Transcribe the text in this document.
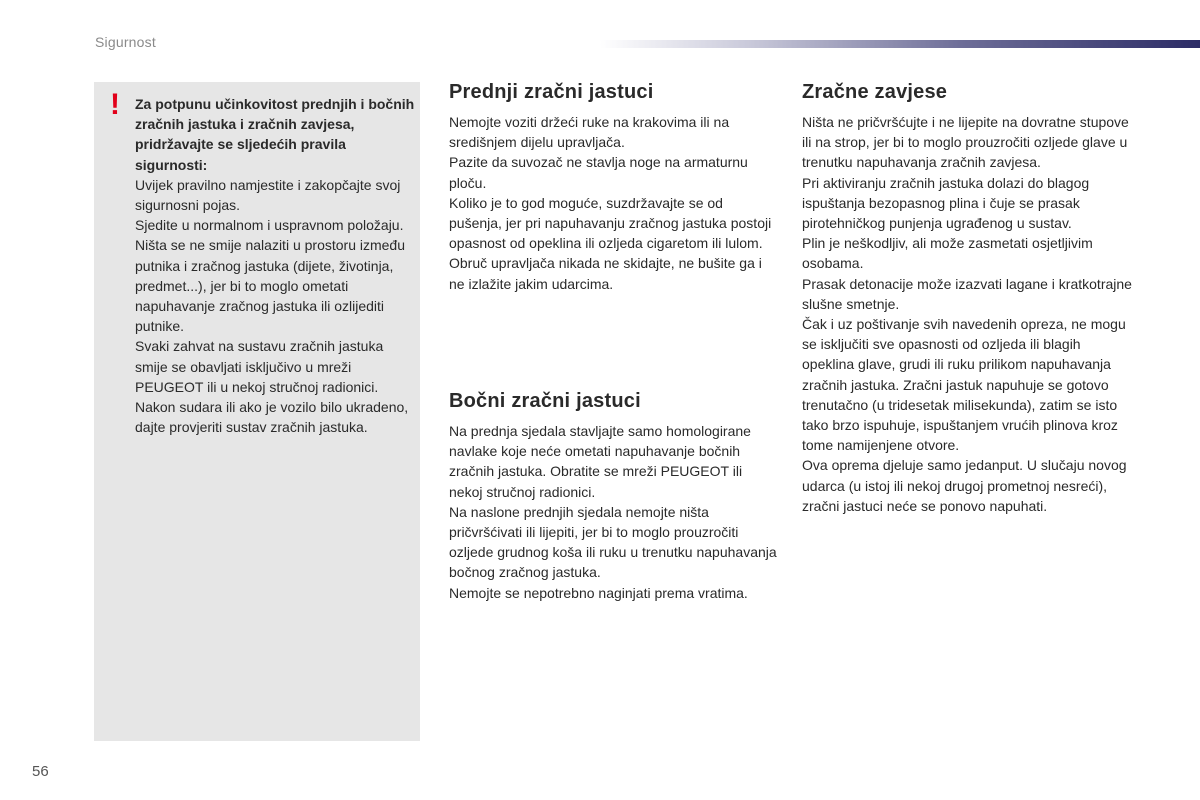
Sigurnost
! Za potpunu učinkovitost prednjih i bočnih zračnih jastuka i zračnih zavjesa, pridržavajte se sljedećih pravila sigurnosti:

Uvijek pravilno namjestite i zakopčajte svoj sigurnosni pojas.

Sjedite u normalnom i uspravnom položaju.

Ništa se ne smije nalaziti u prostoru između putnika i zračnog jastuka (dijete, životinja, predmet...), jer bi to moglo ometati napuhavanje zračnog jastuka ili ozlijediti putnike.

Svaki zahvat na sustavu zračnih jastuka smije se obavljati isključivo u mreži PEUGEOT ili u nekoj stručnoj radionici.

Nakon sudara ili ako je vozilo bilo ukradeno, dajte provjeriti sustav zračnih jastuka.

Prednji zračni jastuci

Nemojte voziti držeći ruke na krakovima ili na središnjem dijelu upravljača.

Pazite da suvozač ne stavlja noge na armaturnu ploču.

Koliko je to god moguće, suzdržavajte se od pušenja, jer pri napuhavanju zračnog jastuka postoji opasnost od opeklina ili ozljeda cigaretom ili lulom.

Obruč upravljača nikada ne skidajte, ne bušite ga i ne izlažite jakim udarcima.

Bočni zračni jastuci

Na prednja sjedala stavljajte samo homologirane navlake koje neće ometati napuhavanje bočnih zračnih jastuka. Obratite se mreži PEUGEOT ili nekoj stručnoj radionici.

Na naslone prednjih sjedala nemojte ništa pričvršćivati ili lijepiti, jer bi to moglo prouzročiti ozljede grudnog koša ili ruku u trenutku napuhavanja bočnog zračnog jastuka.

Nemojte se nepotrebno naginjati prema vratima.

Zračne zavjese

Ništa ne pričvršćujte i ne lijepite na dovratne stupove ili na strop, jer bi to moglo prouzročiti ozljede glave u trenutku napuhavanja zračnih zavjesa.

Pri aktiviranju zračnih jastuka dolazi do blagog ispuštanja bezopasnog plina i čuje se prasak pirotehničkog punjenja ugrađenog u sustav.

Plin je neškodljiv, ali može zasmetati osjetljivim osobama.

Prasak detonacije može izazvati lagane i kratkotrajne slušne smetnje.

Čak i uz poštivanje svih navedenih opreza, ne mogu se isključiti sve opasnosti od ozljeda ili blagih opeklina glave, grudi ili ruku prilikom napuhavanja zračnih jastuka. Zračni jastuk napuhuje se gotovo trenutačno (u tridesetak milisekunda), zatim se isto tako brzo ispuhuje, ispuštanjem vrućih plinova kroz tome namijenjene otvore.

Ova oprema djeluje samo jedanput. U slučaju novog udarca (u istoj ili nekoj drugoj prometnoj nesreći), zračni jastuci neće se ponovo napuhati.

56
